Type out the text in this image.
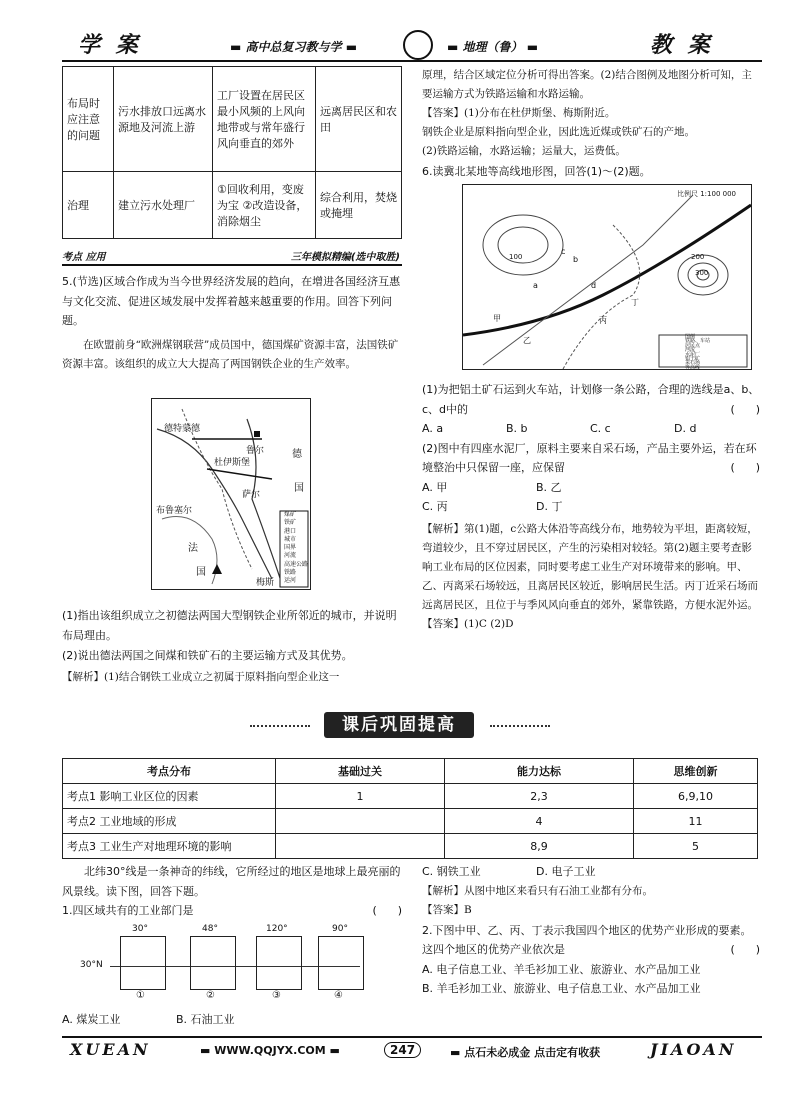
学 案	▬ 高中总复习教与学 ▬	▬ 地理（鲁） ▬	教 案
布局时应注意的问题	污水排放口远离水源地及河流上游	工厂设置在居民区最小风频的上风向地带或与常年盛行风向垂直的郊外	远离居民区和农田
治理	建立污水处理厂	①回收利用，变废为宝 ②改造设备，消除烟尘	综合利用，焚烧或掩埋
考点 应用	三年模拟精编(选中取胜)

5.(节选)区域合作成为当今世界经济发展的趋向，在增进各国经济互惠与文化交流、促进区域发展中发挥着越来越重要的作用。回答下列问题。

在欧盟前身“欧洲煤钢联营”成员国中，德国煤矿资源丰富，法国铁矿资源丰富。该组织的成立大大提高了两国钢铁企业的生产效率。

德特蒙德
鲁尔
杜伊斯堡
布鲁塞尔
萨尔
德
国
法
国
梅斯
煤矿
铁矿
港口
城市
国界
河流
高速公路
铁路
运河

(1)指出该组织成立之初德法两国大型钢铁企业所邻近的城市，并说明布局理由。

(2)说出德法两国之间煤和铁矿石的主要运输方式及其优势。

【解析】(1)结合钢铁工业成立之初属于原料指向型企业这一

原理，结合区域定位分析可得出答案。(2)结合图例及地图分析可知，主要运输方式为铁路运输和水路运输。

【答案】(1)分布在杜伊斯堡、梅斯附近。

钢铁企业是原料指向型企业，因此选近煤或铁矿石的产地。

(2)铁路运输，水路运输；运量大，运费低。

6.读冀北某地等高线地形图，回答(1)～(2)题。

比例尺 1:100 000
a
b
c
d
甲
乙
丙
丁
100	200
300
图例
铁路、车站
居民点
河流
水泥厂
铝土矿
采石场
等高线

(1)为把铝土矿石运到火车站，计划修一条公路，合理的选线是a、b、c、d中的	(      )

A. a	B. b	C. c	D. d

(2)图中有四座水泥厂，原料主要来自采石场，产品主要外运，若在环境整治中只保留一座，应保留	(      )

A. 甲	B. 乙

C. 丙	D. 丁

【解析】第(1)题，c公路大体沿等高线分布，地势较为平坦，距离较短，弯道较少，且不穿过居民区，产生的污染相对较轻。第(2)题主要考查影响工业布局的区位因素，同时要考虑工业生产对环境带来的影响。甲、乙、丙离采石场较远，且离居民区较近，影响居民生活。丙丁近采石场而远离居民区，且位于与季风风向垂直的郊外，紧靠铁路，方便水泥外运。

【答案】(1)C (2)D

课后巩固提高
考点分布	基础过关	能力达标	思维创新
考点1 影响工业区位的因素	1	2,3	6,9,10
考点2 工业地域的形成		4	11
考点3 工业生产对地理环境的影响		8,9	5

北纬30°线是一条神奇的纬线，它所经过的地区是地球上最亮丽的风景线。读下图，回答下题。

1.四区域共有的工业部门是	(      )

30°N
30°
①
48°
②
120°
③
90°
④

A. 煤炭工业	B. 石油工业

C. 钢铁工业	D. 电子工业

【解析】从图中地区来看只有石油工业都有分布。

【答案】B

2.下图中甲、乙、丙、丁表示我国四个地区的优势产业形成的要素。这四个地区的优势产业依次是	(      )

A. 电子信息工业、羊毛衫加工业、旅游业、水产品加工业

B. 羊毛衫加工业、旅游业、电子信息工业、水产品加工业

XUEAN	▬ WWW.QQJYX.COM ▬	247	▬ 点石未必成金 点击定有收获	JIAOAN
